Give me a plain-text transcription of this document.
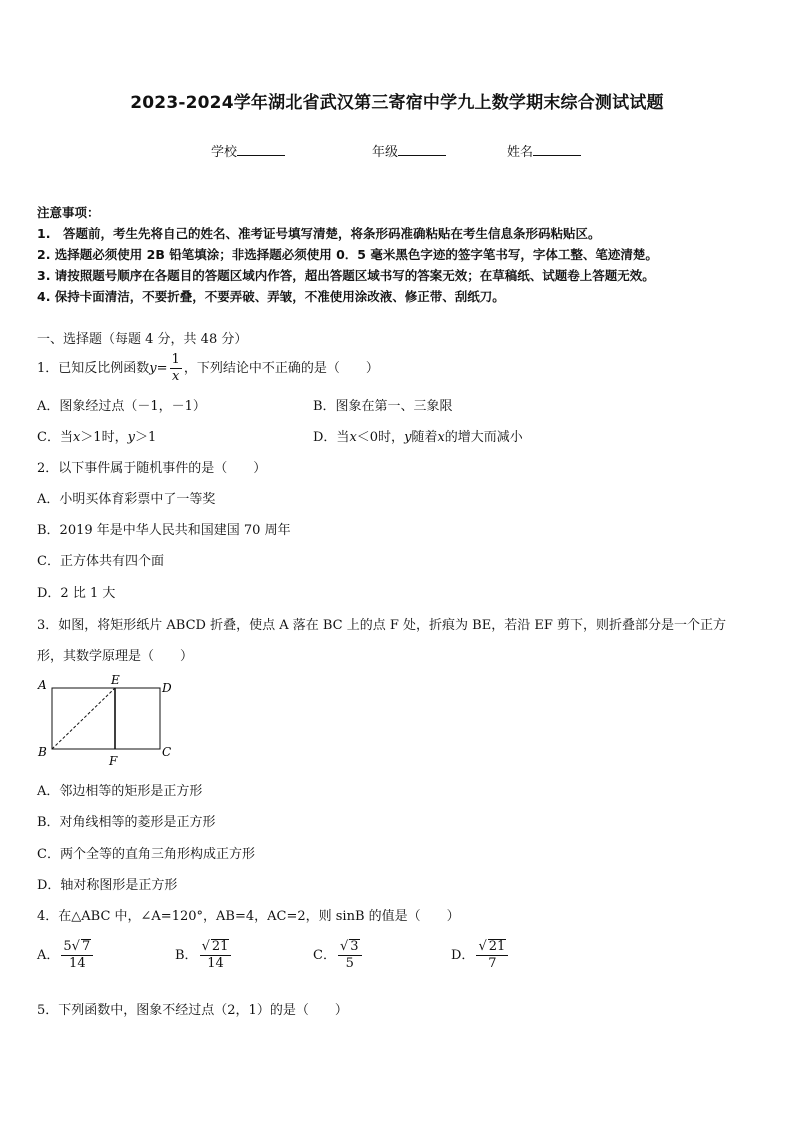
2023-2024学年湖北省武汉第三寄宿中学九上数学期末综合测试试题
学校	年级	姓名
注意事项：
1.　答题前，考生先将自己的姓名、准考证号填写清楚，将条形码准确粘贴在考生信息条形码粘贴区。
2. 选择题必须使用 2B 铅笔填涂；非选择题必须使用 0．5 毫米黑色字迹的签字笔书写，字体工整、笔迹清楚。
3. 请按照题号顺序在各题目的答题区域内作答，超出答题区域书写的答案无效；在草稿纸、试题卷上答题无效。
4. 保持卡面清洁，不要折叠，不要弄破、弄皱，不准使用涂改液、修正带、刮纸刀。
一、选择题（每题 4 分，共 48 分）
1．已知反比例函数$y= \frac{1}{x}$ ，下列结论中不正确的是（　　）
A．图象经过点（－1，－1）	B．图象在第一、三象限
C．当x＞1时，y＞1	D．当x＜0时，y随着x的增大而减小
2．以下事件属于随机事件的是（　　）
A．小明买体育彩票中了一等奖
B．2019 年是中华人民共和国建国 70 周年
C．正方体共有四个面
D．2 比 1 大
3．如图，将矩形纸片 ABCD 折叠，使点 A 落在 BC 上的点 F 处，折痕为 BE，若沿 EF 剪下，则折叠部分是一个正方
形，其数学原理是（　　）
A	E
D
B
F
C
A．邻边相等的矩形是正方形
B．对角线相等的菱形是正方形
C．两个全等的直角三角形构成正方形
D．轴对称图形是正方形
4．在△ABC 中，∠A=120°，AB=4，AC=2，则 sinB 的值是（　　）
A． $\frac{5√ 7}{14}$	B． $\frac{√ 21}{14}$	C． $\frac{√ 3}{5}$	D． $\frac{√ 21}{7}$
5．下列函数中，图象不经过点（2，1）的是（　　）
